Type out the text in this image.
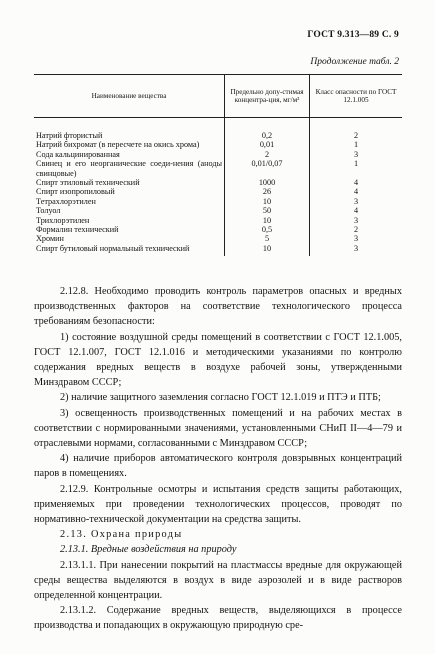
ГОСТ 9.313—89 С. 9
Продолжение табл. 2
Наименование вещества	Предельно допу-стимая концентра-ция, мг/м³	Класс опасности по ГОСТ 12.1.005
Натрий фтористый	0,2	2
Натрий бихромат (в пересчете на окись хрома)	0,01	1
Сода кальцинированная	2	3
Свинец и его неорганические соеди-нения (аноды свинцовые)	0,01/0,07	1
Спирт этиловый технический	1000	4
Спирт изопропиловый	26	4
Тетрахлорэтилен	10	3
Толуол	50	4
Трихлорэтилен	10	3
Формалин технический	0,5	2
Хромин	5	3
Спирт бутиловый нормальный технический	10	3

2.12.8. Необходимо проводить контроль параметров опасных и вредных производственных факторов на соответствие технологического процесса требованиям безопасности:

1) состояние воздушной среды помещений в соответствии с ГОСТ 12.1.005, ГОСТ 12.1.007, ГОСТ 12.1.016 и методическими указаниями по контролю содержания вредных веществ в воздухе рабочей зоны, утвержденными Минздравом СССР;

2) наличие защитного заземления согласно ГОСТ 12.1.019 и ПТЭ и ПТБ;

3) освещенность производственных помещений и на рабочих местах в соответствии с нормированными значениями, установленными СНиП II—4—79 и отраслевыми нормами, согласованными с Минздравом СССР;

4) наличие приборов автоматического контроля довзрывных концентраций паров в помещениях.

2.12.9. Контрольные осмотры и испытания средств защиты работающих, применяемых при проведении технологических процессов, проводят по нормативно-технической документации на средства защиты.

2.13. Охрана природы

2.13.1. Вредные воздействия на природу

2.13.1.1. При нанесении покрытий на пластмассы вредные для окружающей среды вещества выделяются в воздух в виде аэрозолей и в виде растворов определенной концентрации.

2.13.1.2. Содержание вредных веществ, выделяющихся в процессе производства и попадающих в окружающую природную сре-
